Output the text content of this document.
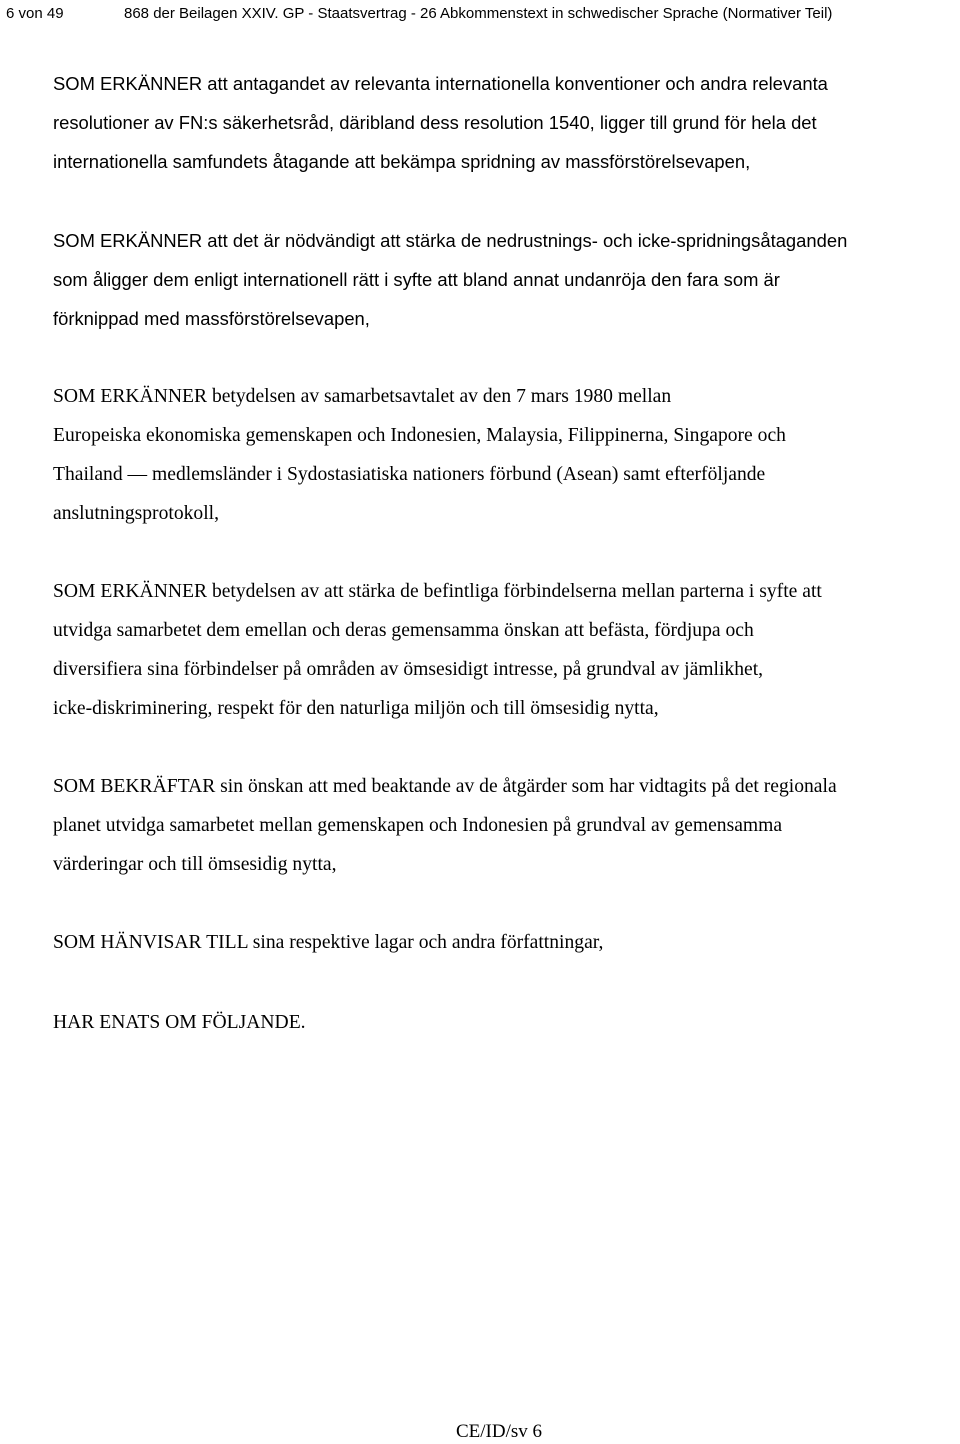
6 von 49	868 der Beilagen XXIV. GP - Staatsvertrag - 26 Abkommenstext in schwedischer Sprache (Normativer Teil)

SOM ERKÄNNER att antagandet av relevanta internationella konventioner och andra relevanta
resolutioner av FN:s säkerhetsråd, däribland dess resolution 1540, ligger till grund för hela det
internationella samfundets åtagande att bekämpa spridning av massförstörelsevapen,

SOM ERKÄNNER att det är nödvändigt att stärka de nedrustnings- och icke-spridningsåtaganden
som åligger dem enligt internationell rätt i syfte att bland annat undanröja den fara som är
förknippad med massförstörelsevapen,

SOM ERKÄNNER betydelsen av samarbetsavtalet av den 7 mars 1980 mellan
Europeiska ekonomiska gemenskapen och Indonesien, Malaysia, Filippinerna, Singapore och
Thailand — medlemsländer i Sydostasiatiska nationers förbund (Asean) samt efterföljande
anslutningsprotokoll,

SOM ERKÄNNER betydelsen av att stärka de befintliga förbindelserna mellan parterna i syfte att
utvidga samarbetet dem emellan och deras gemensamma önskan att befästa, fördjupa och
diversifiera sina förbindelser på områden av ömsesidigt intresse, på grundval av jämlikhet,
icke-diskriminering, respekt för den naturliga miljön och till ömsesidig nytta,

SOM BEKRÄFTAR sin önskan att med beaktande av de åtgärder som har vidtagits på det regionala
planet utvidga samarbetet mellan gemenskapen och Indonesien på grundval av gemensamma
värderingar och till ömsesidig nytta,

SOM HÄNVISAR TILL sina respektive lagar och andra författningar,

HAR ENATS OM FÖLJANDE.

CE/ID/sv 6
